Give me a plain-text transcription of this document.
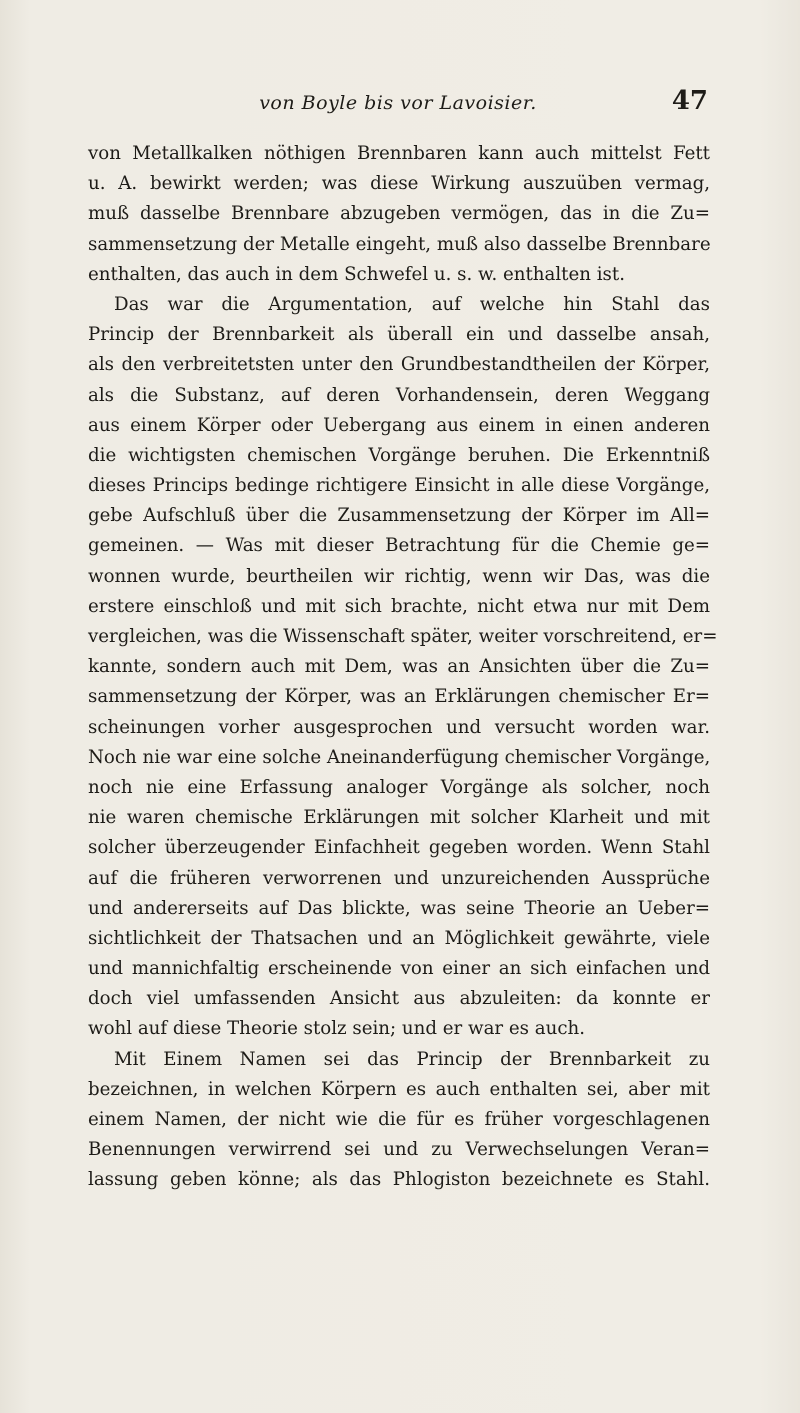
von Boyle bis vor Lavoisier.	47
von Metallkalken nöthigen Brennbaren kann auch mittelst Fett
u. A. bewirkt werden; was diese Wirkung auszuüben vermag,
muß dasselbe Brennbare abzugeben vermögen, das in die Zu=
sammensetzung der Metalle eingeht, muß also dasselbe Brennbare
enthalten, das auch in dem Schwefel u. s. w. enthalten ist.
Das war die Argumentation, auf welche hin Stahl das
Princip der Brennbarkeit als überall ein und dasselbe ansah,
als den verbreitetsten unter den Grundbestandtheilen der Körper,
als die Substanz, auf deren Vorhandensein, deren Weggang
aus einem Körper oder Uebergang aus einem in einen anderen
die wichtigsten chemischen Vorgänge beruhen. Die Erkenntniß
dieses Princips bedinge richtigere Einsicht in alle diese Vorgänge,
gebe Aufschluß über die Zusammensetzung der Körper im All=
gemeinen. — Was mit dieser Betrachtung für die Chemie ge=
wonnen wurde, beurtheilen wir richtig, wenn wir Das, was die
erstere einschloß und mit sich brachte, nicht etwa nur mit Dem
vergleichen, was die Wissenschaft später, weiter vorschreitend, er=
kannte, sondern auch mit Dem, was an Ansichten über die Zu=
sammensetzung der Körper, was an Erklärungen chemischer Er=
scheinungen vorher ausgesprochen und versucht worden war.
Noch nie war eine solche Aneinanderfügung chemischer Vorgänge,
noch nie eine Erfassung analoger Vorgänge als solcher, noch
nie waren chemische Erklärungen mit solcher Klarheit und mit
solcher überzeugender Einfachheit gegeben worden. Wenn Stahl
auf die früheren verworrenen und unzureichenden Aussprüche
und andererseits auf Das blickte, was seine Theorie an Ueber=
sichtlichkeit der Thatsachen und an Möglichkeit gewährte, viele
und mannichfaltig erscheinende von einer an sich einfachen und
doch viel umfassenden Ansicht aus abzuleiten: da konnte er
wohl auf diese Theorie stolz sein; und er war es auch.
Mit Einem Namen sei das Princip der Brennbarkeit zu
bezeichnen, in welchen Körpern es auch enthalten sei, aber mit
einem Namen, der nicht wie die für es früher vorgeschlagenen
Benennungen verwirrend sei und zu Verwechselungen Veran=
lassung geben könne; als das Phlogiston bezeichnete es Stahl.
